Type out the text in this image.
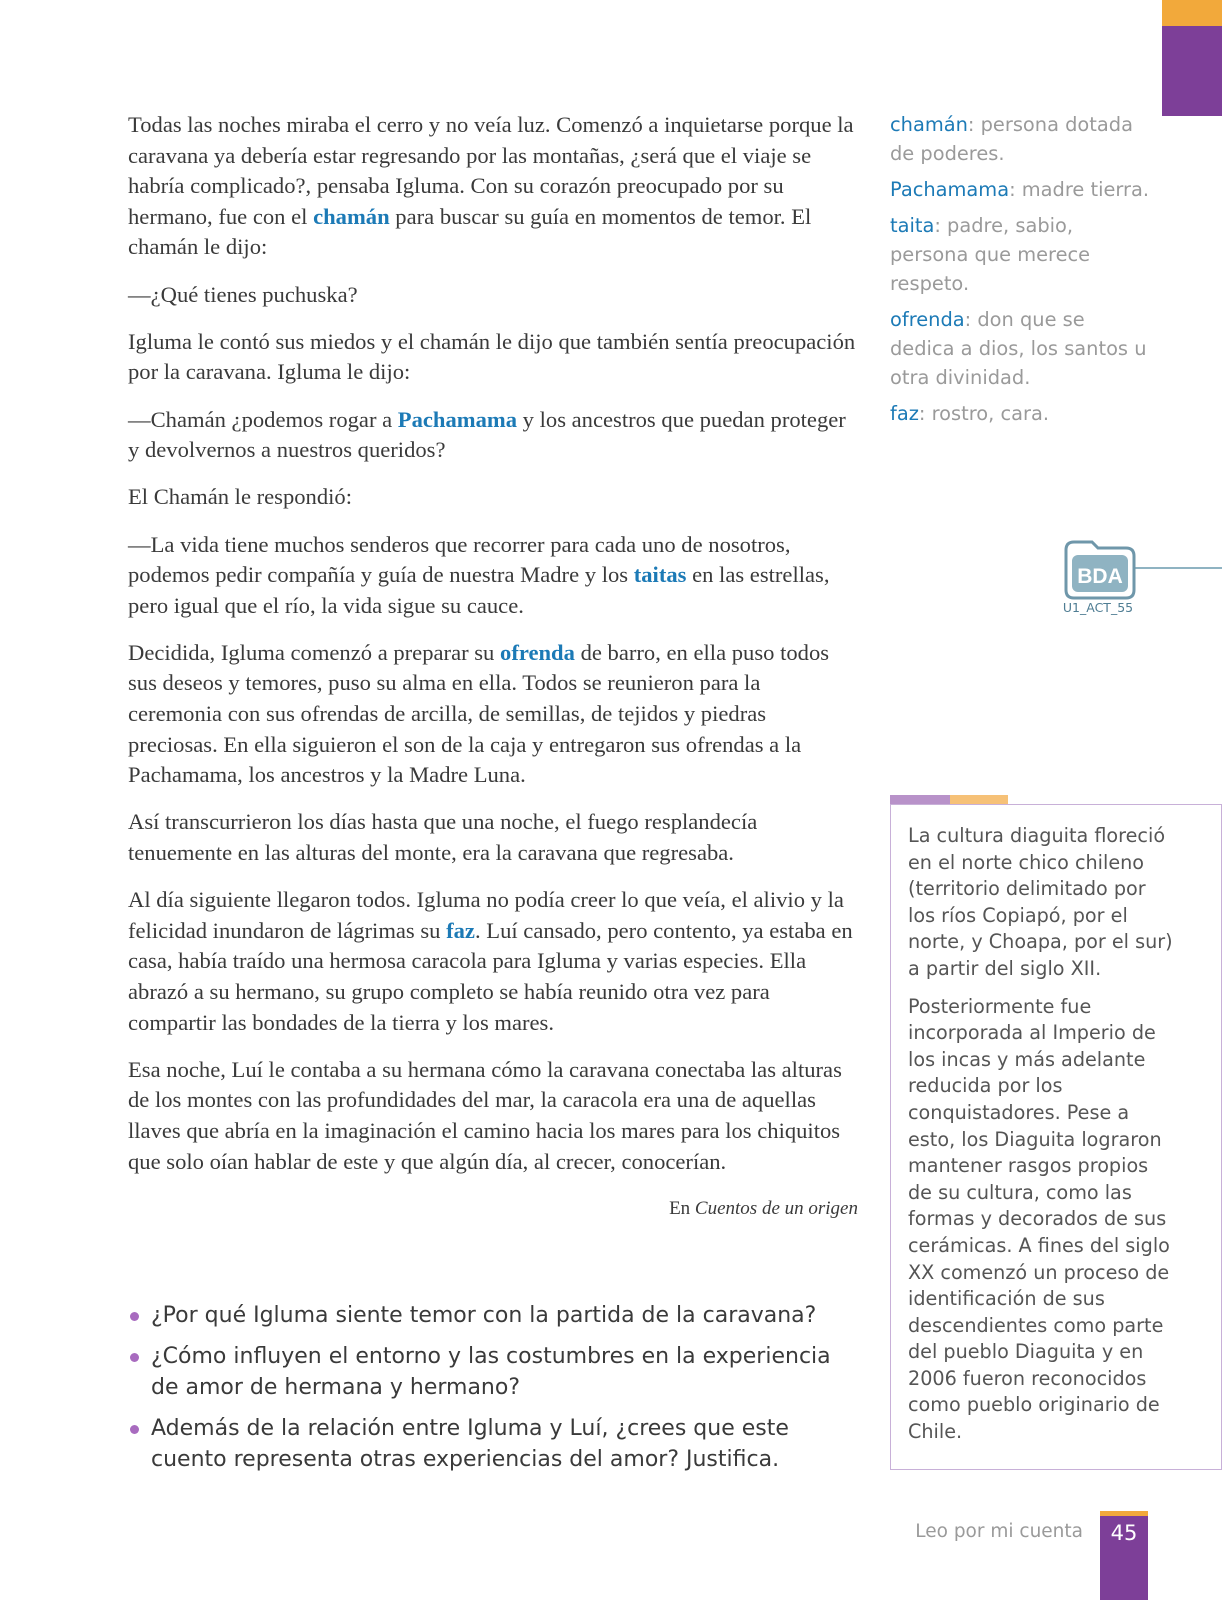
Todas las noches miraba el cerro y no veía luz. Comenzó a inquietarse porque la caravana ya debería estar regresando por las montañas, ¿será que el viaje se habría complicado?, pensaba Igluma. Con su corazón preocupado por su hermano, fue con el chamán para buscar su guía en momentos de temor. El chamán le dijo:

—¿Qué tienes puchuska?

Igluma le contó sus miedos y el chamán le dijo que también sentía preocupación por la caravana. Igluma le dijo:

—Chamán ¿podemos rogar a Pachamama y los ancestros que puedan proteger y devolvernos a nuestros queridos?

El Chamán le respondió:

—La vida tiene muchos senderos que recorrer para cada uno de nosotros, podemos pedir compañía y guía de nuestra Madre y los taitas en las estrellas, pero igual que el río, la vida sigue su cauce.

Decidida, Igluma comenzó a preparar su ofrenda de barro, en ella puso todos sus deseos y temores, puso su alma en ella. Todos se reunieron para la ceremonia con sus ofrendas de arcilla, de semillas, de tejidos y piedras preciosas. En ella siguieron el son de la caja y entregaron sus ofrendas a la Pachamama, los ancestros y la Madre Luna.

Así transcurrieron los días hasta que una noche, el fuego resplandecía tenuemente en las alturas del monte, era la caravana que regresaba.

Al día siguiente llegaron todos. Igluma no podía creer lo que veía, el alivio y la felicidad inundaron de lágrimas su faz. Luí cansado, pero contento, ya estaba en casa, había traído una hermosa caracola para Igluma y varias especies. Ella abrazó a su hermano, su grupo completo se había reunido otra vez para compartir las bondades de la tierra y los mares.

Esa noche, Luí le contaba a su hermana cómo la caravana conectaba las alturas de los montes con las profundidades del mar, la caracola era una de aquellas llaves que abría en la imaginación el camino hacia los mares para los chiquitos que solo oían hablar de este y que algún día, al crecer, conocerían.

En Cuentos de un origen

¿Por qué Igluma siente temor con la partida de la caravana?
¿Cómo influyen el entorno y las costumbres en la experiencia de amor de hermana y hermano?
Además de la relación entre Igluma y Luí, ¿crees que este cuento representa otras experiencias del amor? Justifica.

chamán: persona dotada de poderes.

Pachamama: madre tierra.

taita: padre, sabio, persona que merece respeto.

ofrenda: don que se dedica a dios, los santos u otra divinidad.

faz: rostro, cara.

BDA
U1_ACT_55

La cultura diaguita floreció en el norte chico chileno (territorio delimitado por los ríos Copiapó, por el norte, y Choapa, por el sur) a partir del siglo XII.

Posteriormente fue incorporada al Imperio de los incas y más adelante reducida por los conquistadores. Pese a esto, los Diaguita lograron mantener rasgos propios de su cultura, como las formas y decorados de sus cerámicas. A fines del siglo XX comenzó un proceso de identificación de sus descendientes como parte del pueblo Diaguita y en 2006 fueron reconocidos como pueblo originario de Chile.

Leo por mi cuenta	45
